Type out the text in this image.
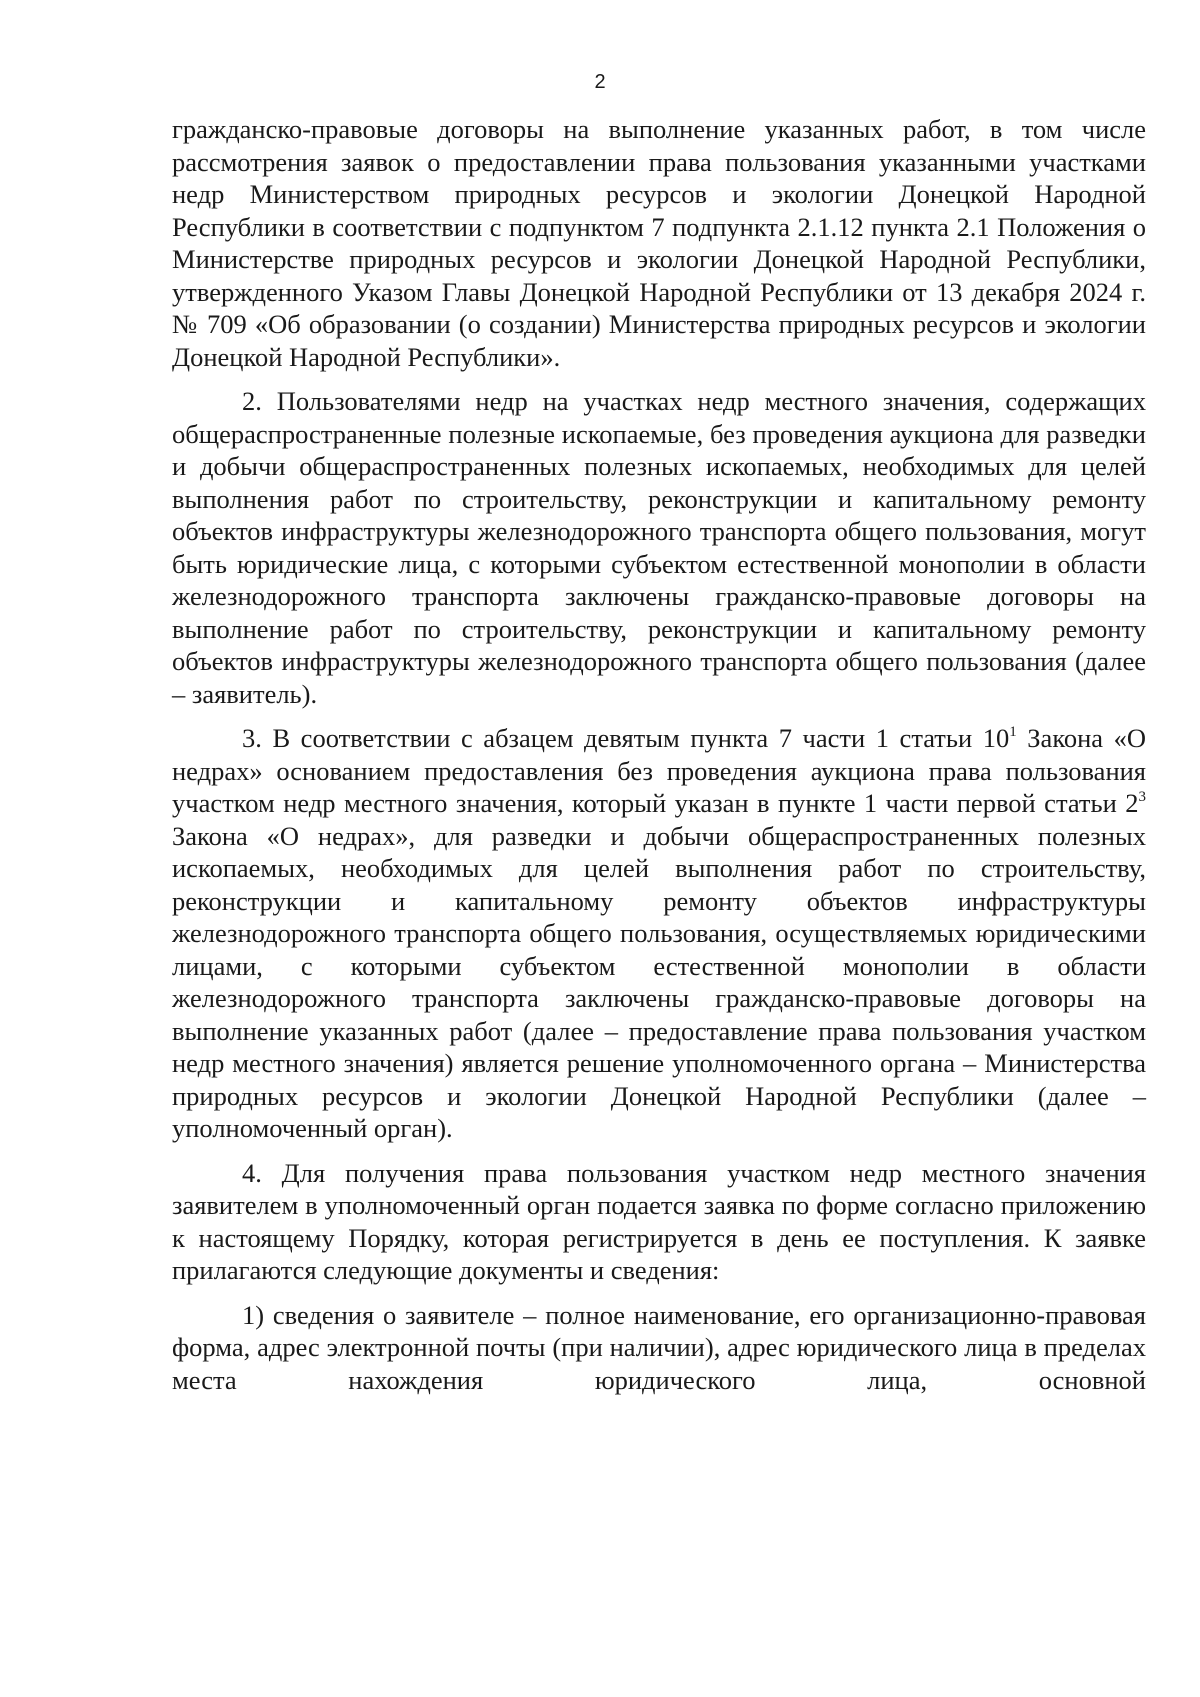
2

гражданско-правовые договоры на выполнение указанных работ, в том числе рассмотрения заявок о предоставлении права пользования указанными участками недр Министерством природных ресурсов и экологии Донецкой Народной Республики в соответствии с подпунктом 7 подпункта 2.1.12 пункта 2.1 Положения о Министерстве природных ресурсов и экологии Донецкой Народной Республики, утвержденного Указом Главы Донецкой Народной Республики от 13 декабря 2024 г. № 709 «Об образовании (о создании) Министерства природных ресурсов и экологии Донецкой Народной Республики».

2. Пользователями недр на участках недр местного значения, содержащих общераспространенные полезные ископаемые, без проведения аукциона для разведки и добычи общераспространенных полезных ископаемых, необходимых для целей выполнения работ по строительству, реконструкции и капитальному ремонту объектов инфраструктуры железнодорожного транспорта общего пользования, могут быть юридические лица, с которыми субъектом естественной монополии в области железнодорожного транспорта заключены гражданско-правовые договоры на выполнение работ по строительству, реконструкции и капитальному ремонту объектов инфраструктуры железнодорожного транспорта общего пользования (далее – заявитель).

3. В соответствии с абзацем девятым пункта 7 части 1 статьи $10^1$ Закона «О недрах» основанием предоставления без проведения аукциона права пользования участком недр местного значения, который указан в пункте 1 части первой статьи $2^3$ Закона «О недрах», для разведки и добычи общераспространенных полезных ископаемых, необходимых для целей выполнения работ по строительству, реконструкции и капитальному ремонту объектов инфраструктуры железнодорожного транспорта общего пользования, осуществляемых юридическими лицами, с которыми субъектом естественной монополии в области железнодорожного транспорта заключены гражданско-правовые договоры на выполнение указанных работ (далее – предоставление права пользования участком недр местного значения) является решение уполномоченного органа – Министерства природных ресурсов и экологии Донецкой Народной Республики (далее – уполномоченный орган).

4. Для получения права пользования участком недр местного значения заявителем в уполномоченный орган подается заявка по форме согласно приложению к настоящему Порядку, которая регистрируется в день ее поступления. К заявке прилагаются следующие документы и сведения:

1) сведения о заявителе – полное наименование, его организационно-правовая форма, адрес электронной почты (при наличии), адрес юридического лица в пределах места нахождения юридического лица, основной
